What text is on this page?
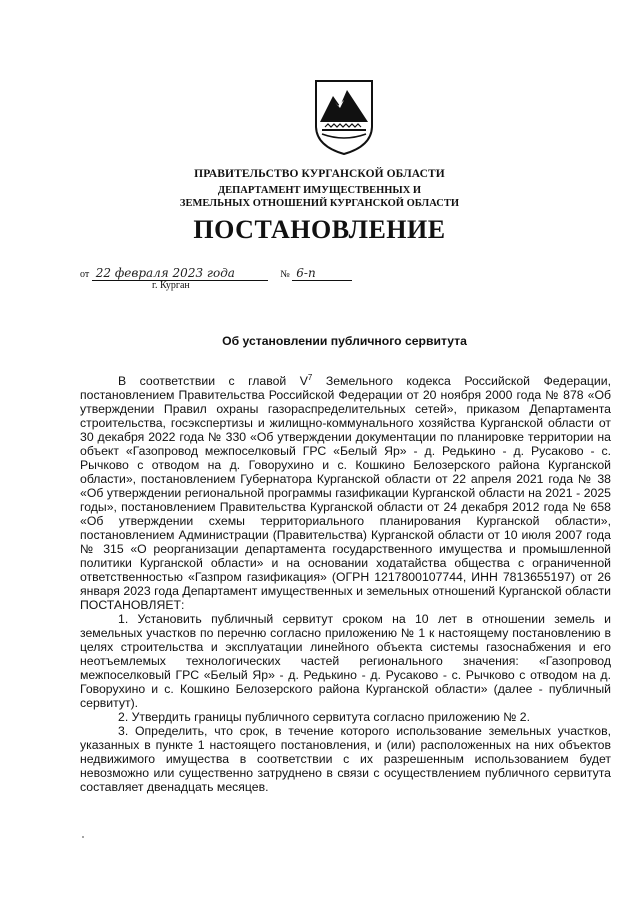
ПРАВИТЕЛЬСТВО КУРГАНСКОЙ ОБЛАСТИ
ДЕПАРТАМЕНТ ИМУЩЕСТВЕННЫХ И
ЗЕМЕЛЬНЫХ ОТНОШЕНИЙ КУРГАНСКОЙ ОБЛАСТИ
ПОСТАНОВЛЕНИЕ
от 22 февраля 2023 года	№ 6-п
г. Курган
Об установлении публичного сервитута

В соответствии с главой $V^7$ Земельного кодекса Российской Федерации, постановлением Правительства Российской Федерации от 20 ноября 2000 года № 878 «Об утверждении Правил охраны газораспределительных сетей», приказом Департамента строительства, госэкспертизы и жилищно-коммунального хозяйства Курганской области от 30 декабря 2022 года № 330 «Об утверждении документации по планировке территории на объект «Газопровод межпоселковый ГРС «Белый Яр» - д. Редькино - д. Русаково - с. Рычково с отводом на д. Говорухино и с. Кошкино Белозерского района Курганской области», постановлением Губернатора Курганской области от 22 апреля 2021 года № 38 «Об утверждении региональной программы газификации Курганской области на 2021 - 2025 годы», постановлением Правительства Курганской области от 24 декабря 2012 года № 658 «Об утверждении схемы территориального планирования Курганской области», постановлением Администрации (Правительства) Курганской области от 10 июля 2007 года № 315 «О реорганизации департамента государственного имущества и промышленной политики Курганской области» и на основании ходатайства общества с ограниченной ответственностью «Газпром газификация» (ОГРН 1217800107744, ИНН 7813655197) от 26 января 2023 года Департамент имущественных и земельных отношений Курганской области ПОСТАНОВЛЯЕТ:

1. Установить публичный сервитут сроком на 10 лет в отношении земель и земельных участков по перечню согласно приложению № 1 к настоящему постановлению в целях строительства и эксплуатации линейного объекта системы газоснабжения и его неотъемлемых технологических частей регионального значения: «Газопровод межпоселковый ГРС «Белый Яр» - д. Редькино - д. Русаково - с. Рычково с отводом на д. Говорухино и с. Кошкино Белозерского района Курганской области» (далее - публичный сервитут).

2. Утвердить границы публичного сервитута согласно приложению № 2.

3. Определить, что срок, в течение которого использование земельных участков, указанных в пункте 1 настоящего постановления, и (или) расположенных на них объектов недвижимого имущества в соответствии с их разрешенным использованием будет невозможно или существенно затруднено в связи с осуществлением публичного сервитута составляет двенадцать месяцев.
